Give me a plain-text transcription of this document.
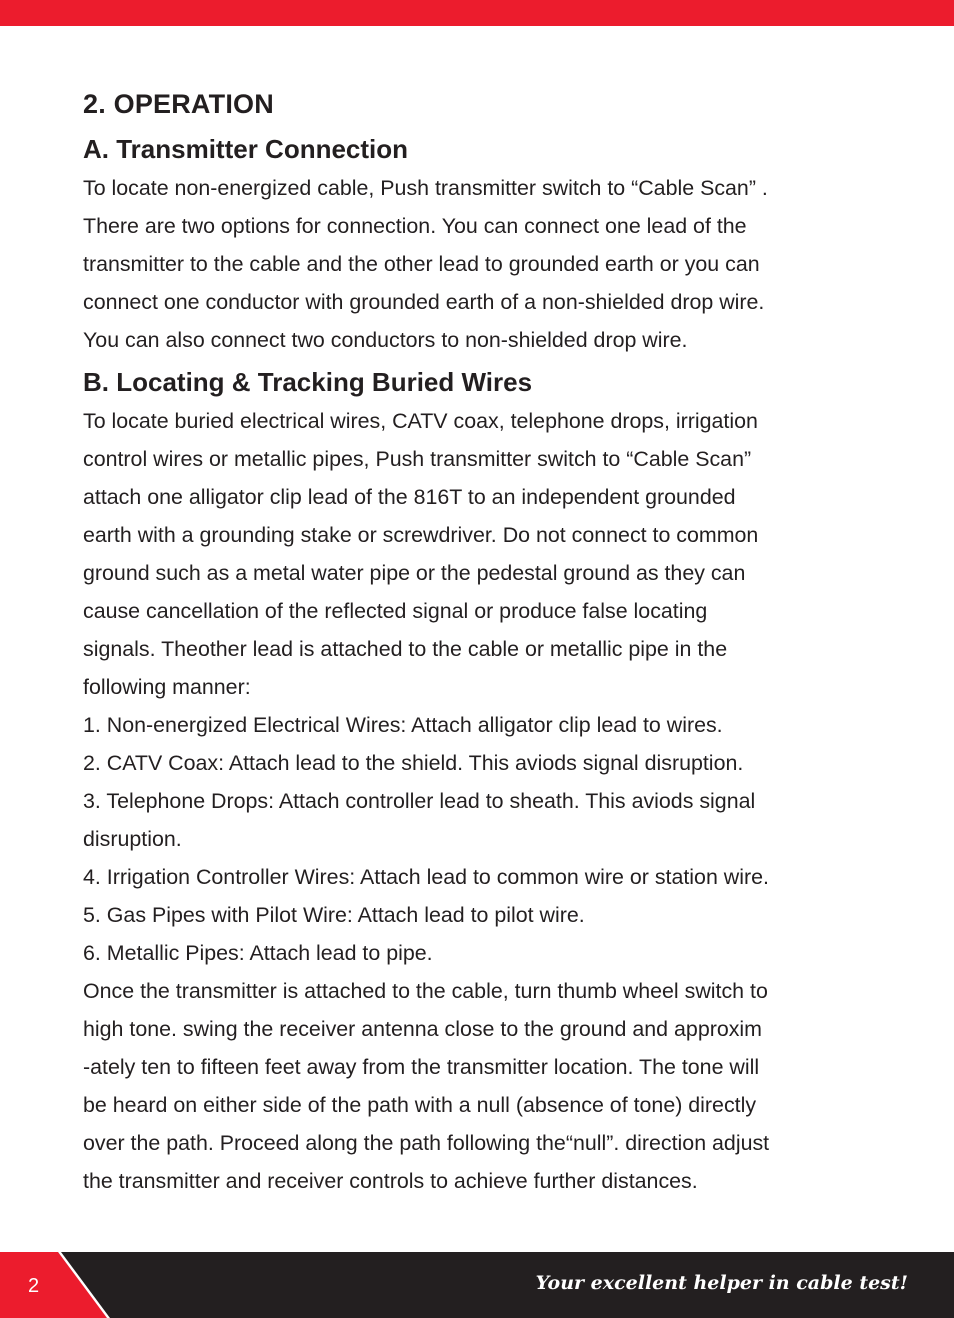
2. OPERATION
A. Transmitter Connection

To locate non-energized cable, Push transmitter switch to “Cable Scan” .
There are two options for connection. You can connect one lead of the
transmitter to the cable and the other lead to grounded earth or you can
connect one conductor with grounded earth of a non-shielded drop wire.
You can also connect two conductors to non-shielded drop wire.

B. Locating & Tracking Buried Wires

To locate buried electrical wires, CATV coax, telephone drops, irrigation
control wires or metallic pipes, Push transmitter switch to “Cable Scan”
attach one alligator clip lead of the 816T to an independent grounded
earth with a grounding stake or screwdriver. Do not connect to common
ground such as a metal water pipe or the pedestal ground as they can
cause cancellation of the reflected signal or produce false locating
signals. Theother lead is attached to the cable or metallic pipe in the
following manner:

1. Non-energized Electrical Wires: Attach alligator clip lead to wires.

2. CATV Coax: Attach lead to the shield. This aviods signal disruption.

3. Telephone Drops: Attach controller lead to sheath. This aviods signal
disruption.

4. Irrigation Controller Wires: Attach lead to common wire or station wire.

5. Gas Pipes with Pilot Wire: Attach lead to pilot wire.

6. Metallic Pipes: Attach lead to pipe.

Once the transmitter is attached to the cable, turn thumb wheel switch to
high tone. swing the receiver antenna close to the ground and approxim
-ately ten to fifteen feet away from the transmitter location. The tone will
be heard on either side of the path with a null (absence of tone) directly
over the path. Proceed along the path following the“null”. direction adjust
the transmitter and receiver controls to achieve further distances.

2	Your excellent helper in cable test!
